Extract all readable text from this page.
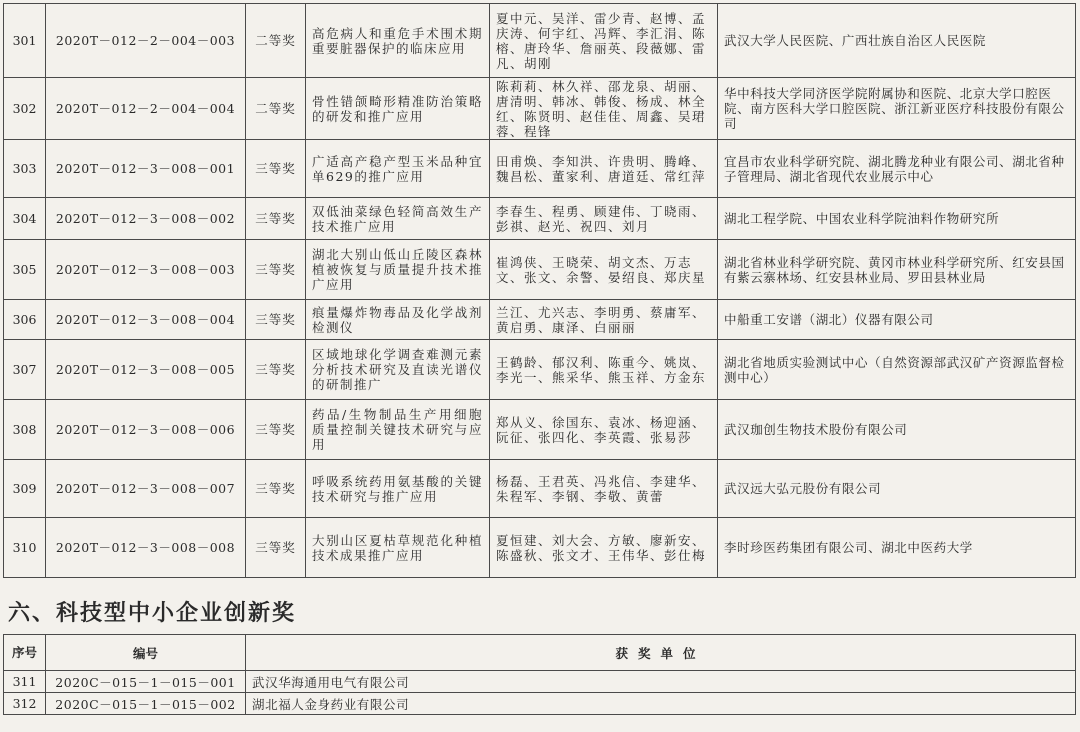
301	2020T－012－2－004－003	二等奖	高危病人和重危手术围术期重要脏器保护的临床应用	夏中元、吴洋、雷少青、赵博、孟庆涛、何宇红、冯辉、李汇涓、陈榕、唐玲华、詹丽英、段薇娜、雷凡、胡刚	武汉大学人民医院、广西壮族自治区人民医院
302	2020T－012－2－004－004	二等奖	骨性错颌畸形精准防治策略的研发和推广应用	陈莉莉、林久祥、邵龙泉、胡丽、唐清明、韩冰、韩俊、杨成、林全红、陈贤明、赵佳佳、周鑫、吴珺蓉、程锋	华中科技大学同济医学院附属协和医院、北京大学口腔医院、南方医科大学口腔医院、浙江新亚医疗科技股份有限公司
303	2020T－012－3－008－001	三等奖	广适高产稳产型玉米品种宜单629的推广应用	田甫焕、李知洪、许贵明、腾峰、魏昌松、董家利、唐道廷、常红萍	宜昌市农业科学研究院、湖北腾龙种业有限公司、湖北省种子管理局、湖北省现代农业展示中心
304	2020T－012－3－008－002	三等奖	双低油菜绿色轻简高效生产技术推广应用	李春生、程勇、顾建伟、丁晓雨、彭祺、赵光、祝四、刘月	湖北工程学院、中国农业科学院油料作物研究所
305	2020T－012－3－008－003	三等奖	湖北大别山低山丘陵区森林植被恢复与质量提升技术推广应用	崔鸿侠、王晓荣、胡文杰、万志文、张文、余警、晏绍良、郑庆星	湖北省林业科学研究院、黄冈市林业科学研究所、红安县国有紫云寨林场、红安县林业局、罗田县林业局
306	2020T－012－3－008－004	三等奖	痕量爆炸物毒品及化学战剂检测仪	兰江、尤兴志、李明勇、蔡庸军、黄启勇、康泽、白丽丽	中船重工安谱（湖北）仪器有限公司
307	2020T－012－3－008－005	三等奖	区域地球化学调查难测元素分析技术研究及直读光谱仪的研制推广	王鹤龄、郁汉利、陈重今、姚岚、李光一、熊采华、熊玉祥、方金东	湖北省地质实验测试中心（自然资源部武汉矿产资源监督检测中心）
308	2020T－012－3－008－006	三等奖	药品/生物制品生产用细胞质量控制关键技术研究与应用	郑从义、徐国东、袁冰、杨迎涵、阮征、张四化、李英霞、张易莎	武汉珈创生物技术股份有限公司
309	2020T－012－3－008－007	三等奖	呼吸系统药用氨基酸的关键技术研究与推广应用	杨磊、王君英、冯兆信、李建华、朱程军、李钢、李敬、黄蕾	武汉远大弘元股份有限公司
310	2020T－012－3－008－008	三等奖	大别山区夏枯草规范化种植技术成果推广应用	夏恒建、刘大会、方敏、廖新安、陈盛秋、张文才、王伟华、彭仕梅	李时珍医药集团有限公司、湖北中医药大学
六、科技型中小企业创新奖
序号	编号	获奖单位
311	2020C－015－1－015－001	武汉华海通用电气有限公司
312	2020C－015－1－015－002	湖北福人金身药业有限公司
